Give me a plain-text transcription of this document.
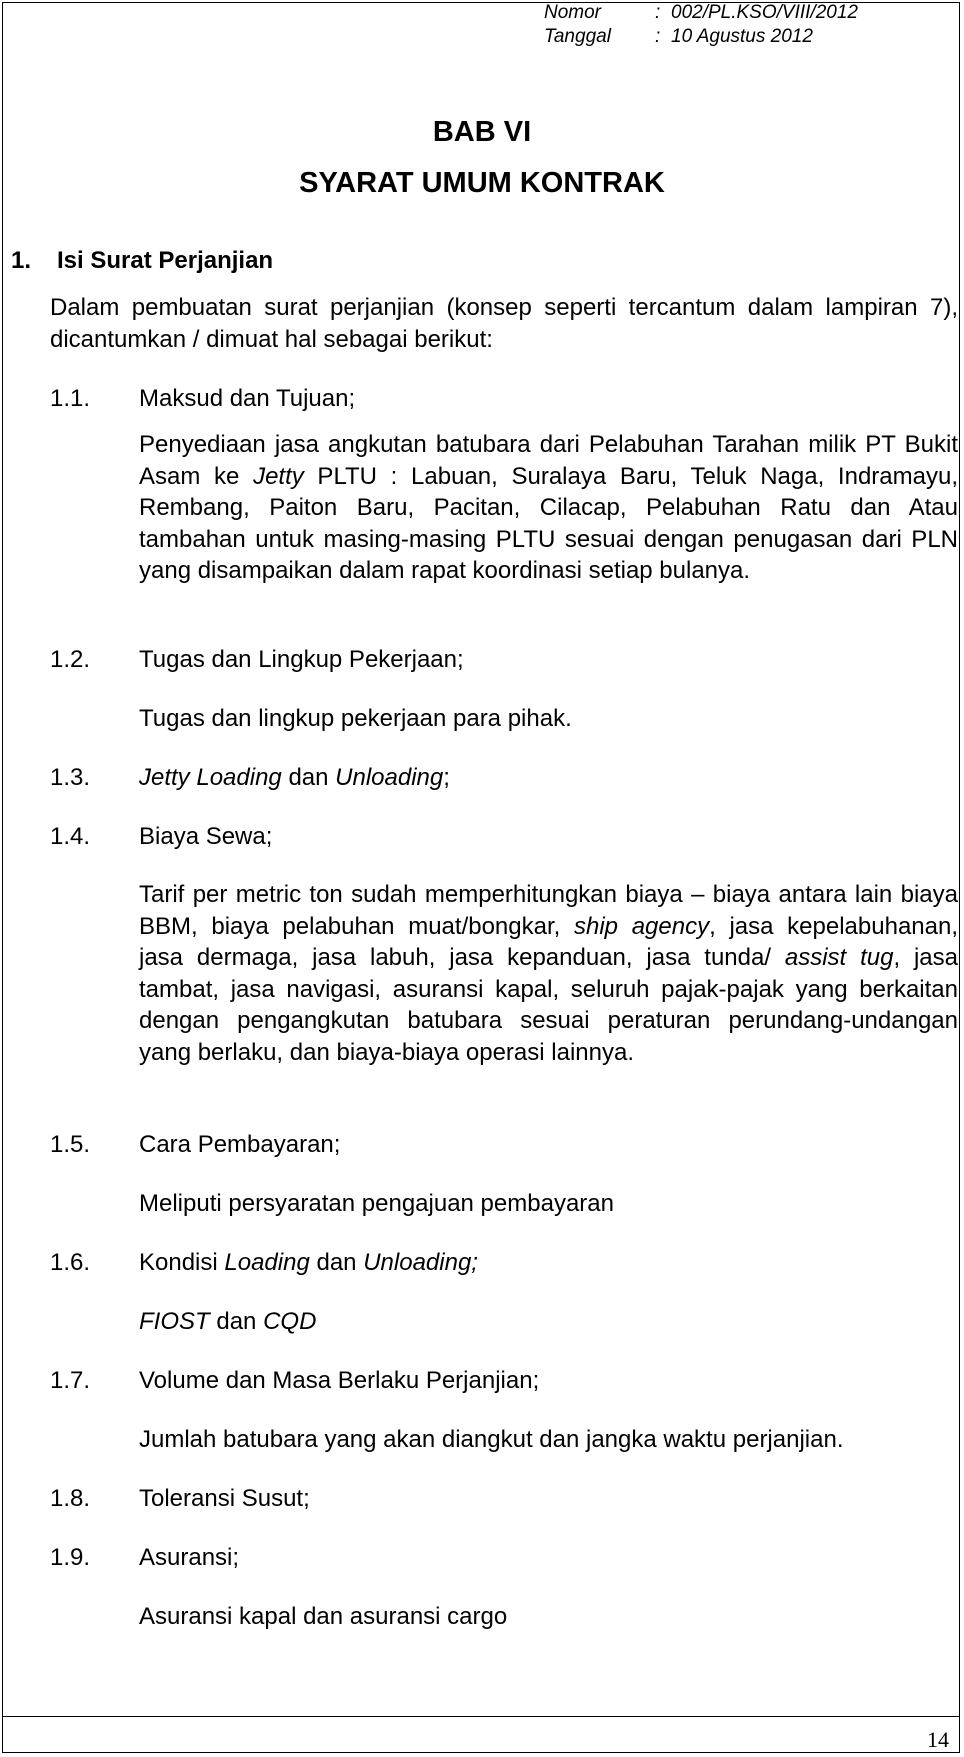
Nomor	: 002/PL.KSO/VIII/2012
Tanggal : 10 Agustus 2012
BAB VI
SYARAT UMUM KONTRAK
1. Isi Surat Perjanjian
Dalam pembuatan surat perjanjian (konsep seperti tercantum dalam lampiran 7), dicantumkan / dimuat hal sebagai berikut:
1.1. Maksud dan Tujuan;
Penyediaan jasa angkutan batubara dari Pelabuhan Tarahan milik PT Bukit Asam ke Jetty PLTU : Labuan, Suralaya Baru, Teluk Naga, Indramayu, Rembang, Paiton Baru, Pacitan, Cilacap, Pelabuhan Ratu dan Atau tambahan untuk masing-masing PLTU sesuai dengan penugasan dari PLN yang disampaikan dalam rapat koordinasi setiap bulanya.
1.2. Tugas dan Lingkup Pekerjaan;
Tugas dan lingkup pekerjaan para pihak.
1.3. Jetty Loading dan Unloading;
1.4. Biaya Sewa;
Tarif per metric ton sudah memperhitungkan biaya – biaya antara lain biaya BBM, biaya pelabuhan muat/bongkar, ship agency, jasa kepelabuhanan, jasa dermaga, jasa labuh, jasa kepanduan, jasa tunda/ assist tug, jasa tambat, jasa navigasi, asuransi kapal, seluruh pajak-pajak yang berkaitan dengan pengangkutan batubara sesuai peraturan perundang-undangan yang berlaku, dan biaya-biaya operasi lainnya.
1.5. Cara Pembayaran;
Meliputi persyaratan pengajuan pembayaran
1.6. Kondisi Loading dan Unloading;
FIOST dan CQD
1.7. Volume dan Masa Berlaku Perjanjian;
Jumlah batubara yang akan diangkut dan jangka waktu perjanjian.
1.8. Toleransi Susut;
1.9. Asuransi;
Asuransi kapal dan asuransi cargo
14
